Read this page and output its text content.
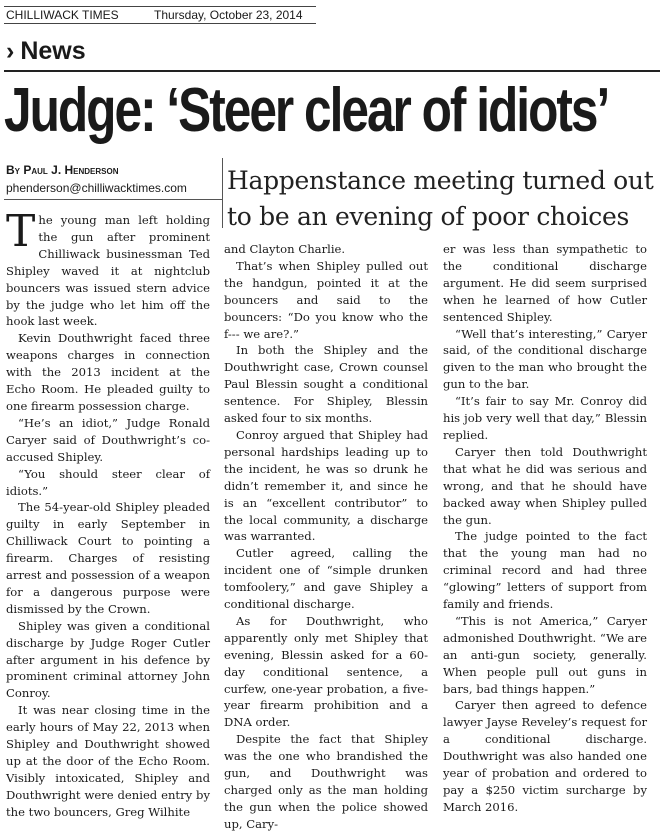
CHILLIWACK TIMES	Thursday, October 23, 2014
› News
Judge: ‘Steer clear of idiots’
By Paul J. Henderson
phenderson@chilliwacktimes.com Happenstance meeting turned out to be an evening of poor choices
T he young man left holding the gun after prominent Chilliwack businessman Ted Shipley waved it at nightclub bouncers was issued stern advice by the judge who let him off the hook last week.

Kevin Douthwright faced three weapons charges in connection with the 2013 incident at the Echo Room. He pleaded guilty to one firearm possession charge.

“He’s an idiot,” Judge Ronald Caryer said of Douthwright’s co-accused Shipley.

“You should steer clear of idiots.”

The 54-year-old Shipley pleaded guilty in early September in Chilliwack Court to pointing a firearm. Charges of resisting arrest and possession of a weapon for a dangerous purpose were dismissed by the Crown.

Shipley was given a conditional discharge by Judge Roger Cutler after argument in his defence by prominent criminal attorney John Conroy.

It was near closing time in the early hours of May 22, 2013 when Shipley and Douthwright showed up at the door of the Echo Room. Visibly intoxicated, Shipley and Douthwright were denied entry by the two bouncers, Greg Wilhite

and Clayton Charlie.

That’s when Shipley pulled out the handgun, pointed it at the bouncers and said to the bouncers: “Do you know who the f--- we are?.”

In both the Shipley and the Douthwright case, Crown counsel Paul Blessin sought a conditional sentence. For Shipley, Blessin asked four to six months.

Conroy argued that Shipley had personal hardships leading up to the incident, he was so drunk he didn’t remember it, and since he is an “excellent contributor” to the local community, a discharge was warranted.

Cutler agreed, calling the incident one of “simple drunken tomfoolery,” and gave Shipley a conditional discharge.

As for Douthwright, who apparently only met Shipley that evening, Blessin asked for a 60-day conditional sentence, a curfew, one-year probation, a five-year firearm prohibition and a DNA order.

Despite the fact that Shipley was the one who brandished the gun, and Douthwright was charged only as the man holding the gun when the police showed up, Cary-

er was less than sympathetic to the conditional discharge argument. He did seem surprised when he learned of how Cutler sentenced Shipley.

“Well that’s interesting,” Caryer said, of the conditional discharge given to the man who brought the gun to the bar.

“It’s fair to say Mr. Conroy did his job very well that day,” Blessin replied.

Caryer then told Douthwright that what he did was serious and wrong, and that he should have backed away when Shipley pulled the gun.

The judge pointed to the fact that the young man had no criminal record and had three “glowing” letters of support from family and friends.

“This is not America,” Caryer admonished Douthwright. “We are an anti-gun society, generally. When people pull out guns in bars, bad things happen.”

Caryer then agreed to defence lawyer Jayse Reveley’s request for a conditional discharge. Douthwright was also handed one year of probation and ordered to pay a $250 victim surcharge by March 2016.
